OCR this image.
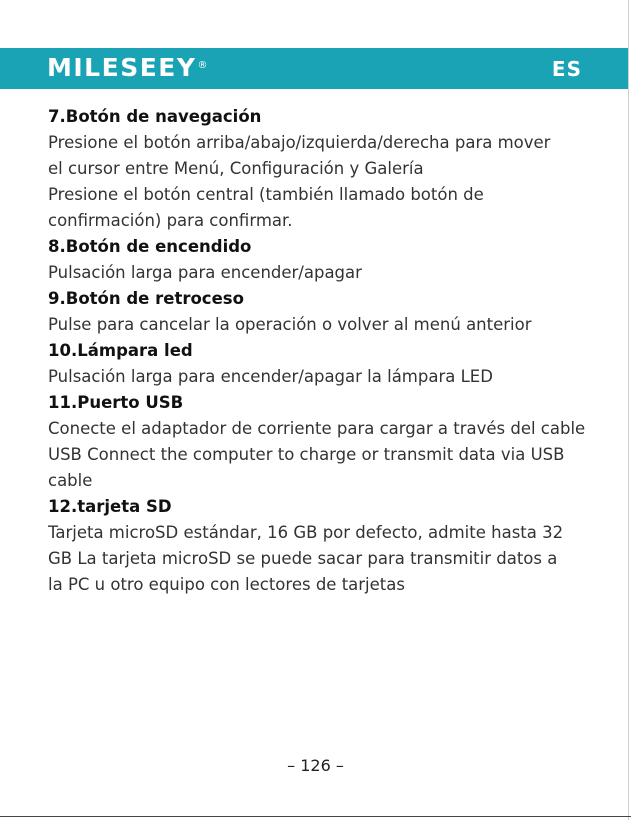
MILESEEY®	ES

7.Botón de navegación

Presione el botón arriba/abajo/izquierda/derecha para mover

el cursor entre Menú, Configuración y Galería

Presione el botón central (también llamado botón de

confirmación) para confirmar.

8.Botón de encendido

Pulsación larga para encender/apagar

9.Botón de retroceso

Pulse para cancelar la operación o volver al menú anterior

10.Lámpara led

Pulsación larga para encender/apagar la lámpara LED

11.Puerto USB

Conecte el adaptador de corriente para cargar a través del cable

USB Connect the computer to charge or transmit data via USB

cable

12.tarjeta SD

Tarjeta microSD estándar, 16 GB por defecto, admite hasta 32

GB La tarjeta microSD se puede sacar para transmitir datos a

la PC u otro equipo con lectores de tarjetas

– 126 –
